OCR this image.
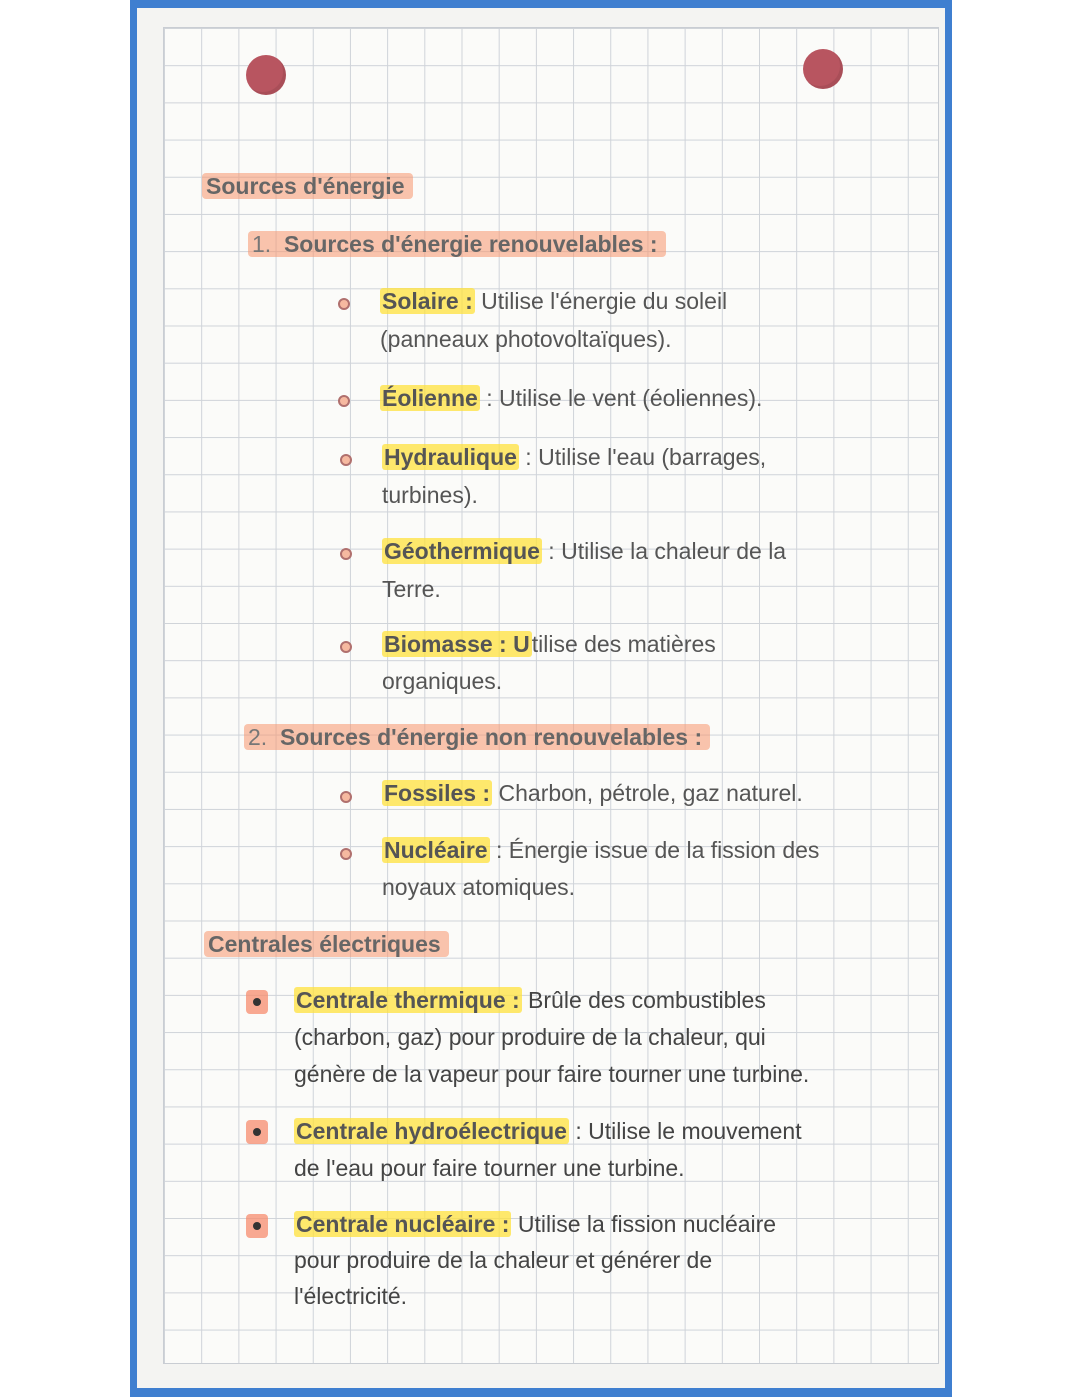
Sources d'énergie
1. Sources d'énergie renouvelables :
Solaire : Utilise l'énergie du soleil
(panneaux photovoltaïques).
Éolienne : Utilise le vent (éoliennes).
Hydraulique : Utilise l'eau (barrages,
turbines).
Géothermique : Utilise la chaleur de la
Terre.
Biomasse : Utilise des matières
organiques.
2. Sources d'énergie non renouvelables :
Fossiles : Charbon, pétrole, gaz naturel.
Nucléaire : Énergie issue de la fission des
noyaux atomiques.
Centrales électriques
Centrale thermique : Brûle des combustibles
(charbon, gaz) pour produire de la chaleur, qui
génère de la vapeur pour faire tourner une turbine.
Centrale hydroélectrique : Utilise le mouvement
de l'eau pour faire tourner une turbine.
Centrale nucléaire : Utilise la fission nucléaire
pour produire de la chaleur et générer de
l'électricité.
